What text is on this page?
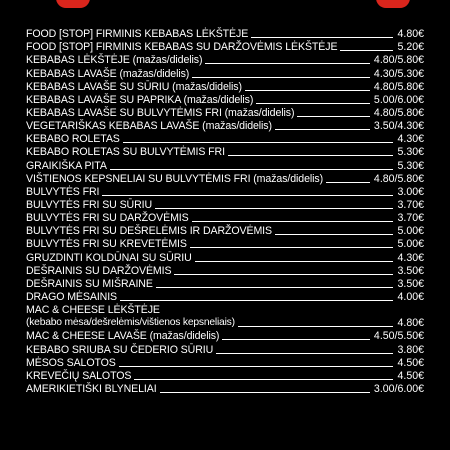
FOOD [STOP] FIRMINIS KEBABAS LĖKŠTĖJE	4.80€
FOOD [STOP] FIRMINIS KEBABAS SU DARŽOVĖMIS LĖKŠTĖJE	5.20€
KEBABAS LĖKŠTĖJE (mažas/didelis)	4.80/5.80€
KEBABAS LAVAŠE (mažas/didelis)	4.30/5.30€
KEBABAS LAVAŠE SU SŪRIU (mažas/didelis)	4.80/5.80€
KEBABAS LAVAŠE SU PAPRIKA (mažas/didelis)	5.00/6.00€
KEBABAS LAVAŠE SU BULVYTĖMIS FRI (mažas/didelis)	4.80/5.80€
VEGETARIŠKAS KEBABAS LAVAŠE (mažas/didelis)	3.50/4.30€
KEBABO ROLETAS	4.30€
KEBABO ROLETAS SU BULVYTĖMIS FRI	5.30€
GRAIKIŠKA PITA	5.30€
VIŠTIENOS KEPSNELIAI SU BULVYTĖMIS FRI (mažas/didelis)	4.80/5.80€
BULVYTĖS FRI	3.00€
BULVYTĖS FRI SU SŪRIU	3.70€
BULVYTĖS FRI SU DARŽOVĖMIS	3.70€
BULVYTĖS FRI SU DEŠRELĖMIS IR DARŽOVĖMIS	5.00€
BULVYTĖS FRI SU KREVETĖMIS	5.00€
GRUZDINTI KOLDŪNAI SU SŪRIU	4.30€
DEŠRAINIS SU DARŽOVĖMIS	3.50€
DEŠRAINIS SU MIŠRAINE	3.50€
DRAGO MĖSAINIS	4.00€
MAC & CHEESE LĖKŠTĖJE
(kebabo mėsa/dešrelėmis/vištienos kepsneliais)	4.80€
MAC & CHEESE LAVAŠE (mažas/didelis)	4.50/5.50€
KEBABO SRIUBA SU ČEDERIO SŪRIU	3.80€
MĖSOS SALOTOS	4.50€
KREVEČIŲ SALOTOS	4.50€
AMERIKIETIŠKI BLYNELIAI	3.00/6.00€
